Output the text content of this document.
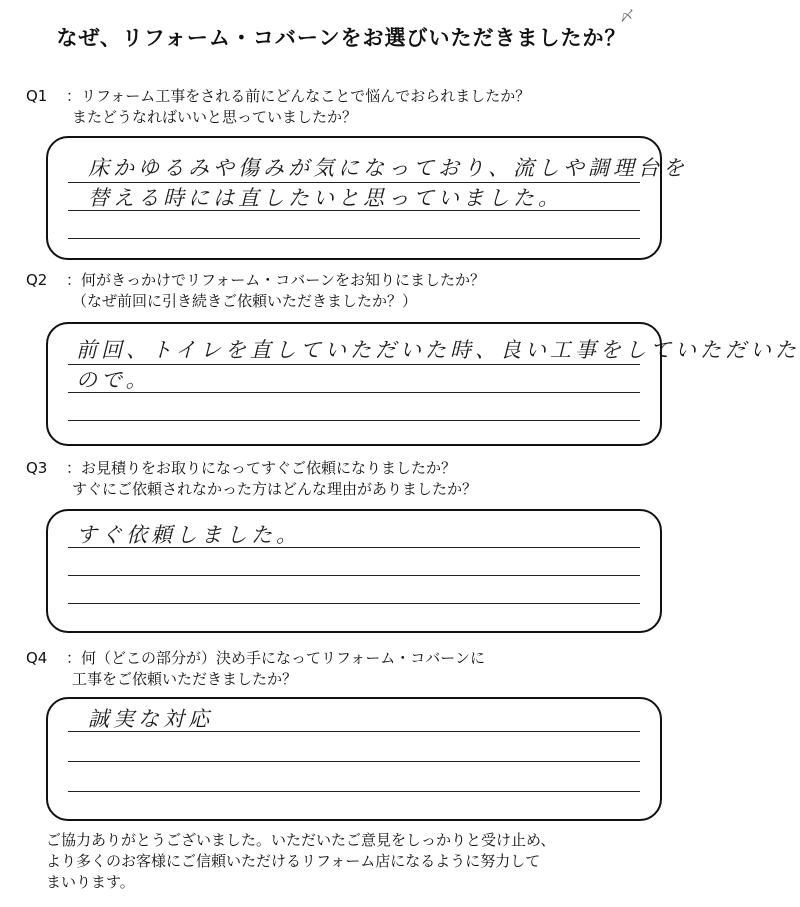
なぜ、リフォーム・コバーンをお選びいただきましたか？
〆
Q1 ：リフォーム工事をされる前にどんなことで悩んでおられましたか？
またどうなればいいと思っていましたか？
床かゆるみや傷みが気になっており、流しや調理台を
替える時には直したいと思っていました。
Q2 ：何がきっかけでリフォーム・コバーンをお知りにましたか？
（なぜ前回に引き続きご依頼いただきましたか？）
前回、トイレを直していただいた時、良い工事をしていただいた
ので。
Q3 ：お見積りをお取りになってすぐご依頼になりましたか？
すぐにご依頼されなかった方はどんな理由がありましたか？
すぐ依頼しました。
Q4 ：何（どこの部分が）決め手になってリフォーム・コバーンに
工事をご依頼いただきましたか？
誠実な対応
ご協力ありがとうございました。いただいたご意見をしっかりと受け止め、
より多くのお客様にご信頼いただけるリフォーム店になるように努力して
まいります。
